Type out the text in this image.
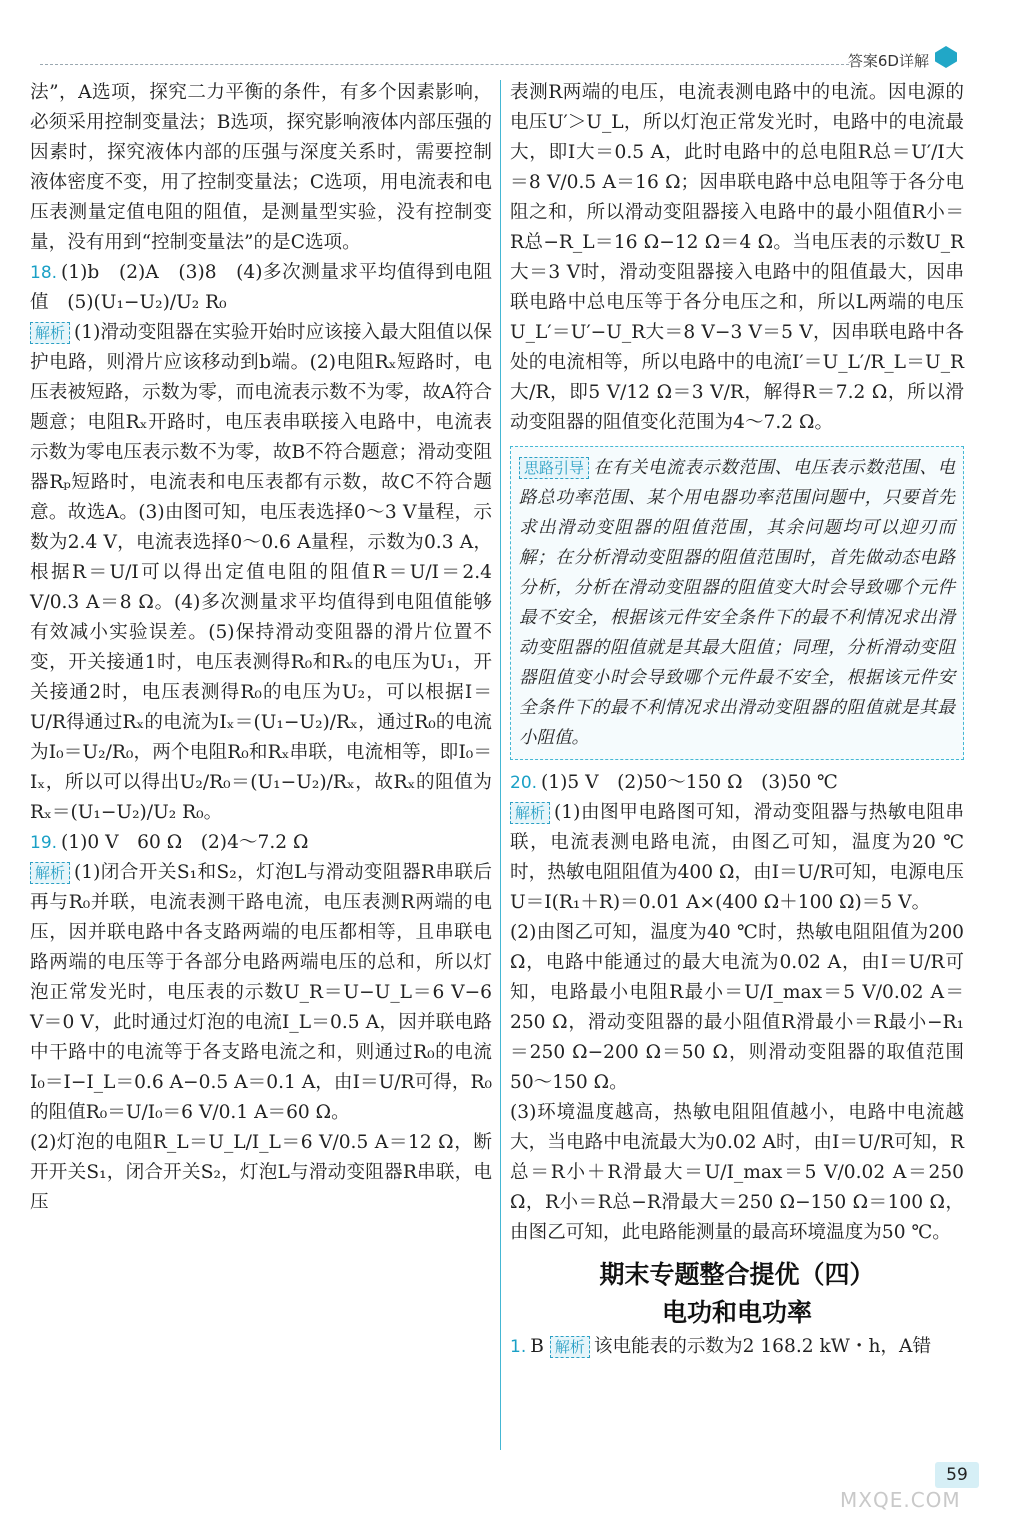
答案6D详解

法”，A选项，探究二力平衡的条件，有多个因素影响，必须采用控制变量法；B选项，探究影响液体内部压强的因素时，探究液体内部的压强与深度关系时，需要控制液体密度不变，用了控制变量法；C选项，用电流表和电压表测量定值电阻的阻值，是测量型实验，没有控制变量，没有用到“控制变量法”的是C选项。

18. (1)b　(2)A　(3)8　(4)多次测量求平均值得到电阻值　(5)(U₁−U₂)/U₂ R₀

解析 (1)滑动变阻器在实验开始时应该接入最大阻值以保护电路，则滑片应该移动到b端。(2)电阻Rₓ短路时，电压表被短路，示数为零，而电流表示数不为零，故A符合题意；电阻Rₓ开路时，电压表串联接入电路中，电流表示数为零电压表示数不为零，故B不符合题意；滑动变阻器Rₚ短路时，电流表和电压表都有示数，故C不符合题意。故选A。(3)由图可知，电压表选择0～3 V量程，示数为2.4 V，电流表选择0～0.6 A量程，示数为0.3 A，根据R＝U/I可以得出定值电阻的阻值R＝U/I＝2.4 V/0.3 A＝8 Ω。(4)多次测量求平均值得到电阻值能够有效减小实验误差。(5)保持滑动变阻器的滑片位置不变，开关接通1时，电压表测得R₀和Rₓ的电压为U₁，开关接通2时，电压表测得R₀的电压为U₂，可以根据I＝U/R得通过Rₓ的电流为Iₓ＝(U₁−U₂)/Rₓ，通过R₀的电流为I₀＝U₂/R₀，两个电阻R₀和Rₓ串联，电流相等，即I₀＝Iₓ，所以可以得出U₂/R₀＝(U₁−U₂)/Rₓ，故Rₓ的阻值为Rₓ＝(U₁−U₂)/U₂ R₀。

19. (1)0 V　60 Ω　(2)4～7.2 Ω

解析 (1)闭合开关S₁和S₂，灯泡L与滑动变阻器R串联后再与R₀并联，电流表测干路电流，电压表测R两端的电压，因并联电路中各支路两端的电压都相等，且串联电路两端的电压等于各部分电路两端电压的总和，所以灯泡正常发光时，电压表的示数U_R＝U−U_L＝6 V−6 V＝0 V，此时通过灯泡的电流I_L＝0.5 A，因并联电路中干路中的电流等于各支路电流之和，则通过R₀的电流I₀＝I−I_L＝0.6 A−0.5 A＝0.1 A，由I＝U/R可得，R₀的阻值R₀＝U/I₀＝6 V/0.1 A＝60 Ω。

(2)灯泡的电阻R_L＝U_L/I_L＝6 V/0.5 A＝12 Ω，断开开关S₁，闭合开关S₂，灯泡L与滑动变阻器R串联，电压

表测R两端的电压，电流表测电路中的电流。因电源的电压U′＞U_L，所以灯泡正常发光时，电路中的电流最大，即I大＝0.5 A，此时电路中的总电阻R总＝U′/I大＝8 V/0.5 A＝16 Ω；因串联电路中总电阻等于各分电阻之和，所以滑动变阻器接入电路中的最小阻值R小＝R总−R_L＝16 Ω−12 Ω＝4 Ω。当电压表的示数U_R大＝3 V时，滑动变阻器接入电路中的阻值最大，因串联电路中总电压等于各分电压之和，所以L两端的电压U_L′＝U′−U_R大＝8 V−3 V＝5 V，因串联电路中各处的电流相等，所以电路中的电流I′＝U_L′/R_L＝U_R大/R，即5 V/12 Ω＝3 V/R，解得R＝7.2 Ω，所以滑动变阻器的阻值变化范围为4～7.2 Ω。

思路引导 在有关电流表示数范围、电压表示数范围、电路总功率范围、某个用电器功率范围问题中，只要首先求出滑动变阻器的阻值范围，其余问题均可以迎刃而解；在分析滑动变阻器的阻值范围时，首先做动态电路分析，分析在滑动变阻器的阻值变大时会导致哪个元件最不安全，根据该元件安全条件下的最不利情况求出滑动变阻器的阻值就是其最大阻值；同理，分析滑动变阻器阻值变小时会导致哪个元件最不安全，根据该元件安全条件下的最不利情况求出滑动变阻器的阻值就是其最小阻值。

20. (1)5 V　(2)50～150 Ω　(3)50 ℃

解析 (1)由图甲电路图可知，滑动变阻器与热敏电阻串联，电流表测电路电流，由图乙可知，温度为20 ℃时，热敏电阻阻值为400 Ω，由I＝U/R可知，电源电压U＝I(R₁＋R)＝0.01 A×(400 Ω＋100 Ω)＝5 V。

(2)由图乙可知，温度为40 ℃时，热敏电阻阻值为200 Ω，电路中能通过的最大电流为0.02 A，由I＝U/R可知，电路最小电阻R最小＝U/I_max＝5 V/0.02 A＝250 Ω，滑动变阻器的最小阻值R滑最小＝R最小−R₁＝250 Ω−200 Ω＝50 Ω，则滑动变阻器的取值范围50～150 Ω。

(3)环境温度越高，热敏电阻阻值越小，电路中电流越大，当电路中电流最大为0.02 A时，由I＝U/R可知，R总＝R小＋R滑最大＝U/I_max＝5 V/0.02 A＝250 Ω，R小＝R总−R滑最大＝250 Ω−150 Ω＝100 Ω，由图乙可知，此电路能测量的最高环境温度为50 ℃。

期末专题整合提优（四）
电功和电功率

1. B 解析 该电能表的示数为2 168.2 kW・h，A错

59
MXQE.COM
